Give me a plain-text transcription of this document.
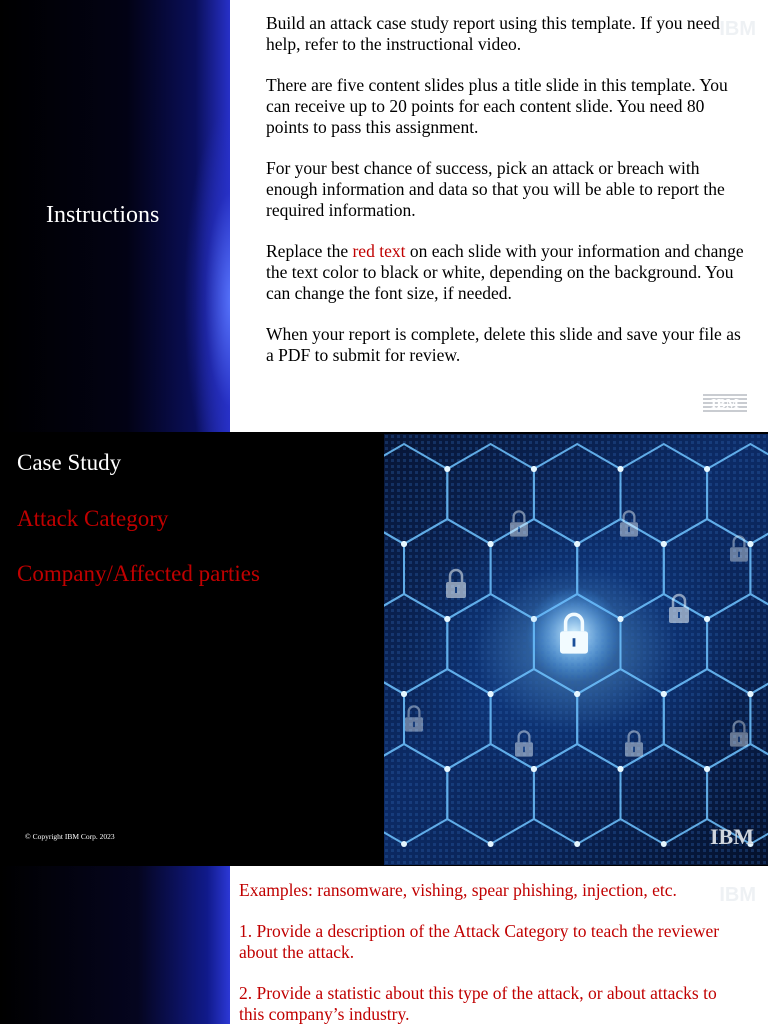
Instructions
IBM

Build an attack case study report using this template. If you need help, refer to the instructional video.

There are five content slides plus a title slide in this template. You can receive up to 20 points for each content slide. You need 80 points to pass this assignment.

For your best chance of success, pick an attack or breach with enough information and data so that you will be able to report the required information.

Replace the red text on each slide with your information and change the text color to black or white, depending on the background. You can change the font size, if needed.

When your report is complete, delete this slide and save your file as a PDF to submit for review.

IBM
Case Study
Attack Category
Company/Affected parties
© Copyright IBM Corp. 2023	IBM
IBM

Examples: ransomware, vishing, spear phishing, injection, etc.

1. Provide a description of the Attack Category to teach the reviewer about the attack.

2. Provide a statistic about this type of the attack, or about attacks to this company’s industry.
